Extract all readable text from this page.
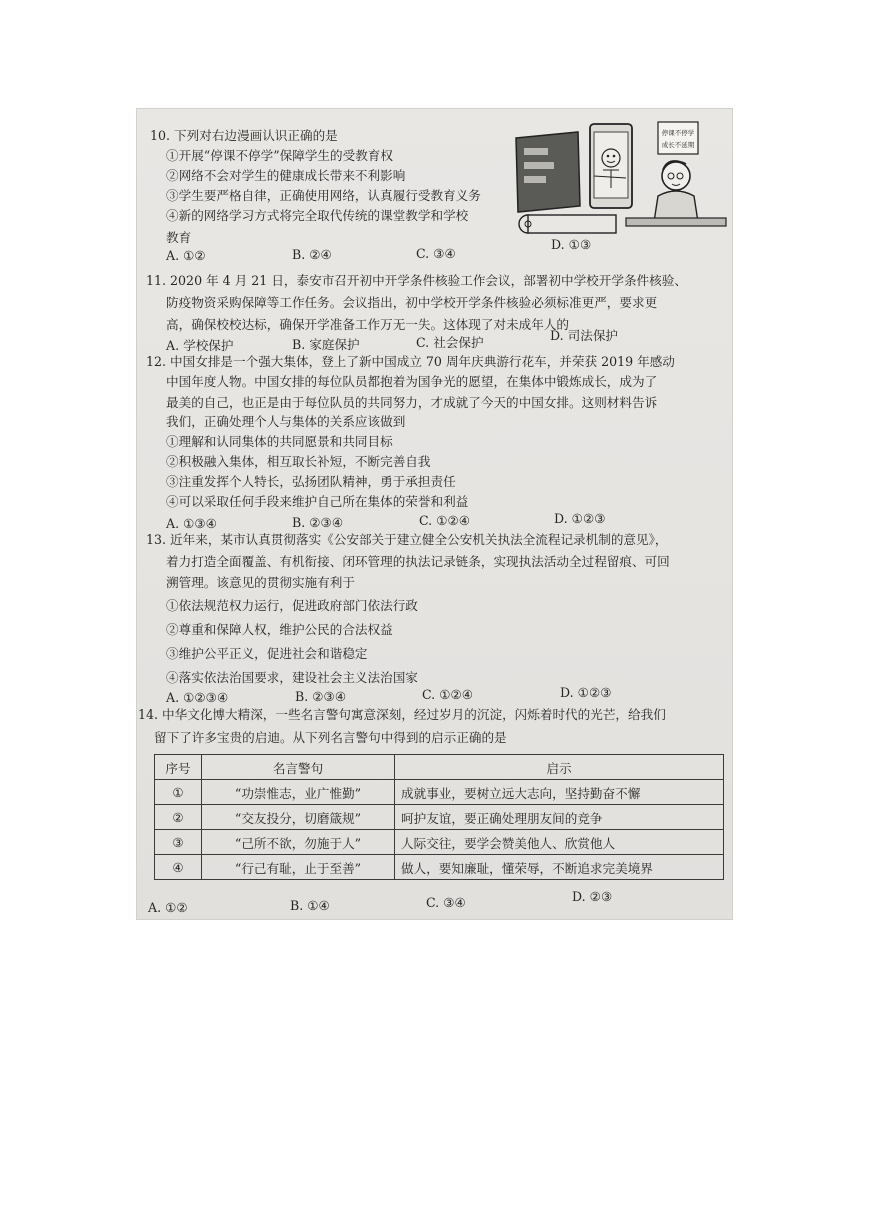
10. 下列对右边漫画认识正确的是
①开展“停课不停学”保障学生的受教育权
②网络不会对学生的健康成长带来不利影响
③学生要严格自律，正确使用网络，认真履行受教育义务
④新的网络学习方式将完全取代传统的课堂教学和学校
教育
A. ①②	B. ②④	C. ③④
D. ①③
停课不停学
成长不延期
11. 2020 年 4 月 21 日，泰安市召开初中开学条件核验工作会议，部署初中学校开学条件核验、
防疫物资采购保障等工作任务。会议指出，初中学校开学条件核验必须标准更严，要求更
高，确保校校达标，确保开学准备工作万无一失。这体现了对未成年人的
A. 学校保护	B. 家庭保护	C. 社会保护	D. 司法保护
12. 中国女排是一个强大集体，登上了新中国成立 70 周年庆典游行花车，并荣获 2019 年感动
中国年度人物。中国女排的每位队员都抱着为国争光的愿望，在集体中锻炼成长，成为了
最美的自己，也正是由于每位队员的共同努力，才成就了今天的中国女排。这则材料告诉
我们，正确处理个人与集体的关系应该做到
①理解和认同集体的共同愿景和共同目标
②积极融入集体，相互取长补短，不断完善自我
③注重发挥个人特长，弘扬团队精神，勇于承担责任
④可以采取任何手段来维护自己所在集体的荣誉和利益
A. ①③④	B. ②③④	C. ①②④	D. ①②③
13. 近年来，某市认真贯彻落实《公安部关于建立健全公安机关执法全流程记录机制的意见》，
着力打造全面覆盖、有机衔接、闭环管理的执法记录链条，实现执法活动全过程留痕、可回
溯管理。该意见的贯彻实施有利于
①依法规范权力运行，促进政府部门依法行政
②尊重和保障人权，维护公民的合法权益
③维护公平正义，促进社会和谐稳定
④落实依法治国要求，建设社会主义法治国家
A. ①②③④	B. ②③④	C. ①②④	D. ①②③
14. 中华文化博大精深，一些名言警句寓意深刻，经过岁月的沉淀，闪烁着时代的光芒，给我们
留下了许多宝贵的启迪。从下列名言警句中得到的启示正确的是
序号	名言警句	启示
①	“功崇惟志，业广惟勤”	成就事业，要树立远大志向，坚持勤奋不懈
②	“交友投分，切磨箴规”	呵护友谊，要正确处理朋友间的竞争
③	“己所不欲，勿施于人”	人际交往，要学会赞美他人、欣赏他人
④	“行己有耻，止于至善”	做人，要知廉耻，懂荣辱，不断追求完美境界
A. ①②	B. ①④	C. ③④	D. ②③
